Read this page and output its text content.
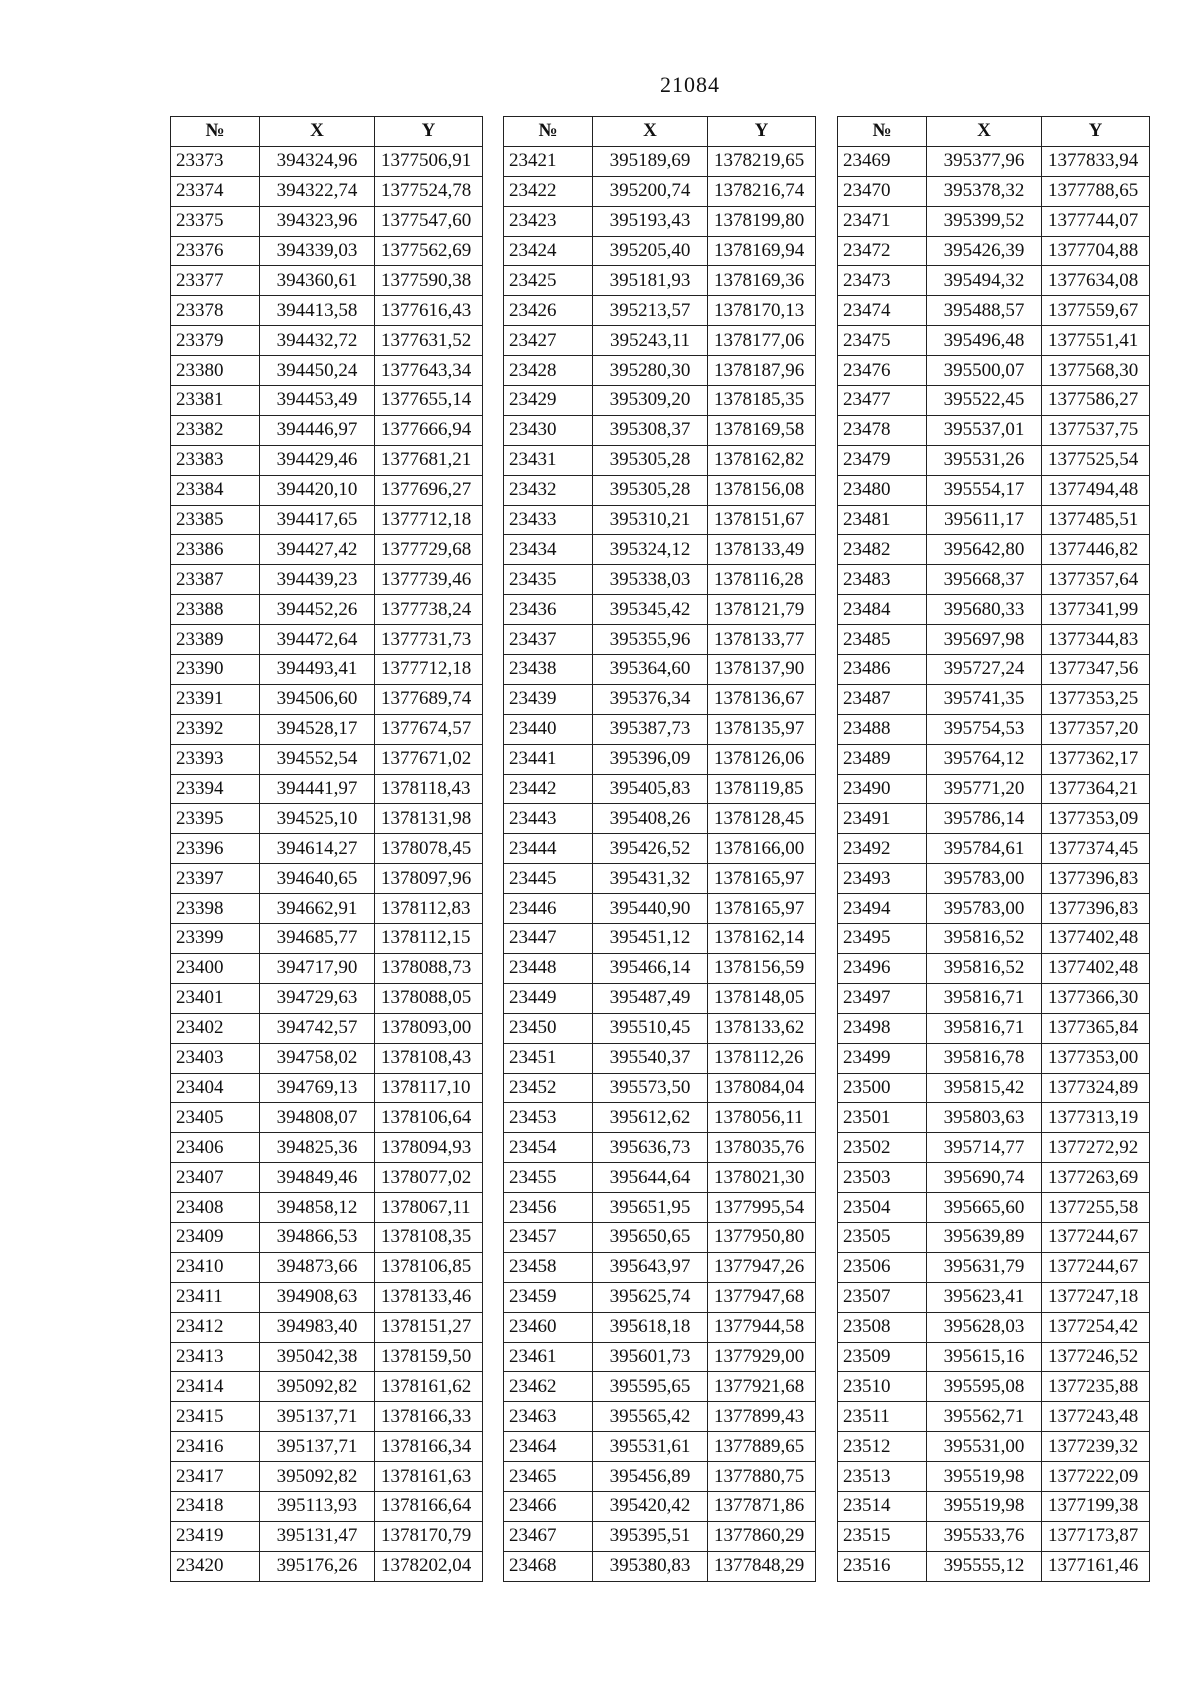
21084
№	X	Y
23373	394324,96	1377506,91
23374	394322,74	1377524,78
23375	394323,96	1377547,60
23376	394339,03	1377562,69
23377	394360,61	1377590,38
23378	394413,58	1377616,43
23379	394432,72	1377631,52
23380	394450,24	1377643,34
23381	394453,49	1377655,14
23382	394446,97	1377666,94
23383	394429,46	1377681,21
23384	394420,10	1377696,27
23385	394417,65	1377712,18
23386	394427,42	1377729,68
23387	394439,23	1377739,46
23388	394452,26	1377738,24
23389	394472,64	1377731,73
23390	394493,41	1377712,18
23391	394506,60	1377689,74
23392	394528,17	1377674,57
23393	394552,54	1377671,02
23394	394441,97	1378118,43
23395	394525,10	1378131,98
23396	394614,27	1378078,45
23397	394640,65	1378097,96
23398	394662,91	1378112,83
23399	394685,77	1378112,15
23400	394717,90	1378088,73
23401	394729,63	1378088,05
23402	394742,57	1378093,00
23403	394758,02	1378108,43
23404	394769,13	1378117,10
23405	394808,07	1378106,64
23406	394825,36	1378094,93
23407	394849,46	1378077,02
23408	394858,12	1378067,11
23409	394866,53	1378108,35
23410	394873,66	1378106,85
23411	394908,63	1378133,46
23412	394983,40	1378151,27
23413	395042,38	1378159,50
23414	395092,82	1378161,62
23415	395137,71	1378166,33
23416	395137,71	1378166,34
23417	395092,82	1378161,63
23418	395113,93	1378166,64
23419	395131,47	1378170,79
23420	395176,26	1378202,04
№	X	Y
23421	395189,69	1378219,65
23422	395200,74	1378216,74
23423	395193,43	1378199,80
23424	395205,40	1378169,94
23425	395181,93	1378169,36
23426	395213,57	1378170,13
23427	395243,11	1378177,06
23428	395280,30	1378187,96
23429	395309,20	1378185,35
23430	395308,37	1378169,58
23431	395305,28	1378162,82
23432	395305,28	1378156,08
23433	395310,21	1378151,67
23434	395324,12	1378133,49
23435	395338,03	1378116,28
23436	395345,42	1378121,79
23437	395355,96	1378133,77
23438	395364,60	1378137,90
23439	395376,34	1378136,67
23440	395387,73	1378135,97
23441	395396,09	1378126,06
23442	395405,83	1378119,85
23443	395408,26	1378128,45
23444	395426,52	1378166,00
23445	395431,32	1378165,97
23446	395440,90	1378165,97
23447	395451,12	1378162,14
23448	395466,14	1378156,59
23449	395487,49	1378148,05
23450	395510,45	1378133,62
23451	395540,37	1378112,26
23452	395573,50	1378084,04
23453	395612,62	1378056,11
23454	395636,73	1378035,76
23455	395644,64	1378021,30
23456	395651,95	1377995,54
23457	395650,65	1377950,80
23458	395643,97	1377947,26
23459	395625,74	1377947,68
23460	395618,18	1377944,58
23461	395601,73	1377929,00
23462	395595,65	1377921,68
23463	395565,42	1377899,43
23464	395531,61	1377889,65
23465	395456,89	1377880,75
23466	395420,42	1377871,86
23467	395395,51	1377860,29
23468	395380,83	1377848,29
№	X	Y
23469	395377,96	1377833,94
23470	395378,32	1377788,65
23471	395399,52	1377744,07
23472	395426,39	1377704,88
23473	395494,32	1377634,08
23474	395488,57	1377559,67
23475	395496,48	1377551,41
23476	395500,07	1377568,30
23477	395522,45	1377586,27
23478	395537,01	1377537,75
23479	395531,26	1377525,54
23480	395554,17	1377494,48
23481	395611,17	1377485,51
23482	395642,80	1377446,82
23483	395668,37	1377357,64
23484	395680,33	1377341,99
23485	395697,98	1377344,83
23486	395727,24	1377347,56
23487	395741,35	1377353,25
23488	395754,53	1377357,20
23489	395764,12	1377362,17
23490	395771,20	1377364,21
23491	395786,14	1377353,09
23492	395784,61	1377374,45
23493	395783,00	1377396,83
23494	395783,00	1377396,83
23495	395816,52	1377402,48
23496	395816,52	1377402,48
23497	395816,71	1377366,30
23498	395816,71	1377365,84
23499	395816,78	1377353,00
23500	395815,42	1377324,89
23501	395803,63	1377313,19
23502	395714,77	1377272,92
23503	395690,74	1377263,69
23504	395665,60	1377255,58
23505	395639,89	1377244,67
23506	395631,79	1377244,67
23507	395623,41	1377247,18
23508	395628,03	1377254,42
23509	395615,16	1377246,52
23510	395595,08	1377235,88
23511	395562,71	1377243,48
23512	395531,00	1377239,32
23513	395519,98	1377222,09
23514	395519,98	1377199,38
23515	395533,76	1377173,87
23516	395555,12	1377161,46
